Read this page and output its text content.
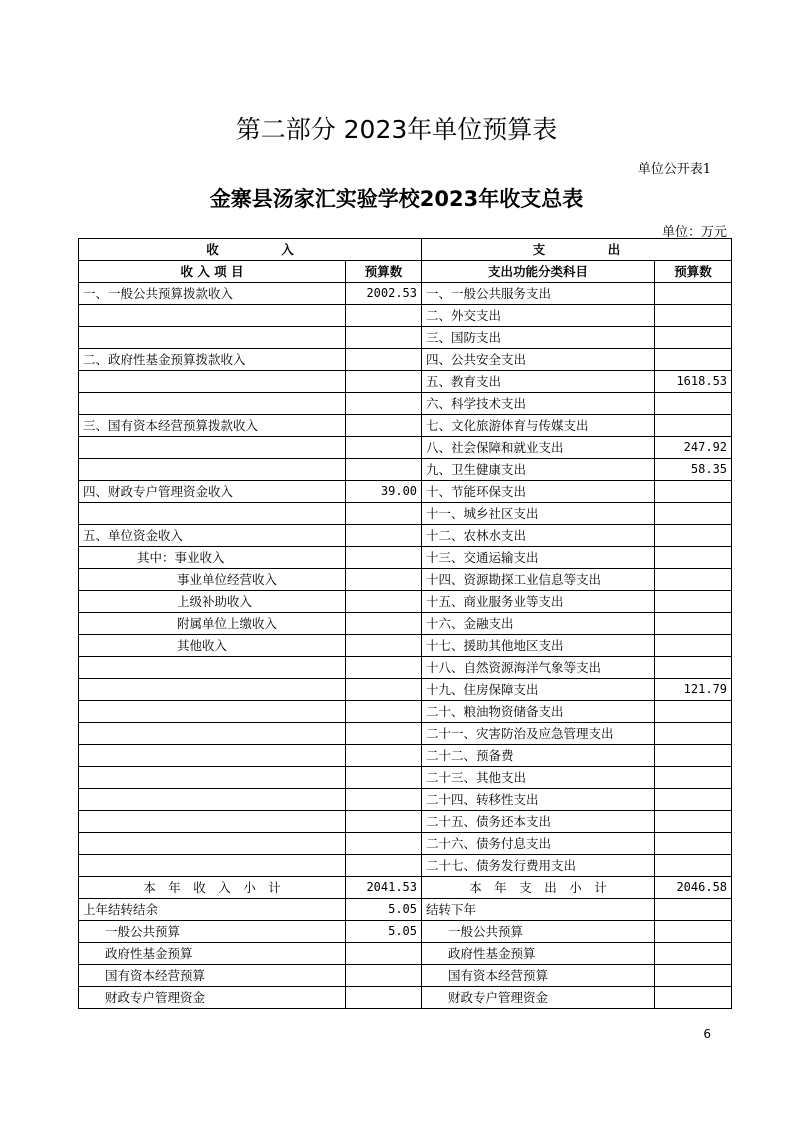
第二部分 2023年单位预算表
单位公开表1
金寨县汤家汇实验学校2023年收支总表
单位：万元
收　　　　　入		支　　　　　出	
收 入 项 目	预算数	支出功能分类科目	预算数
一、一般公共预算拨款收入	2002.53	一、一般公共服务支出	
		二、外交支出	
		三、国防支出	
二、政府性基金预算拨款收入		四、公共安全支出	
		五、教育支出	1618.53
		六、科学技术支出	
三、国有资本经营预算拨款收入		七、文化旅游体育与传媒支出	
		八、社会保障和就业支出	247.92
		九、卫生健康支出	58.35
四、财政专户管理资金收入	39.00	十、节能环保支出	
		十一、城乡社区支出	
五、单位资金收入		十二、农林水支出	
其中：事业收入		十三、交通运输支出	
事业单位经营收入		十四、资源勘探工业信息等支出	
上级补助收入		十五、商业服务业等支出	
附属单位上缴收入		十六、金融支出	
其他收入		十七、援助其他地区支出	
		十八、自然资源海洋气象等支出	
		十九、住房保障支出	121.79
		二十、粮油物资储备支出	
		二十一、灾害防治及应急管理支出	
		二十二、预备费	
		二十三、其他支出	
		二十四、转移性支出	
		二十五、债务还本支出	
		二十六、债务付息支出	
		二十七、债务发行费用支出	
本　年　收　入　小　计	2041.53	本　年　支　出　小　计	2046.58
上年结转结余	5.05	结转下年	
一般公共预算	5.05	一般公共预算	
政府性基金预算		政府性基金预算	
国有资本经营预算		国有资本经营预算	
财政专户管理资金		财政专户管理资金	
6
